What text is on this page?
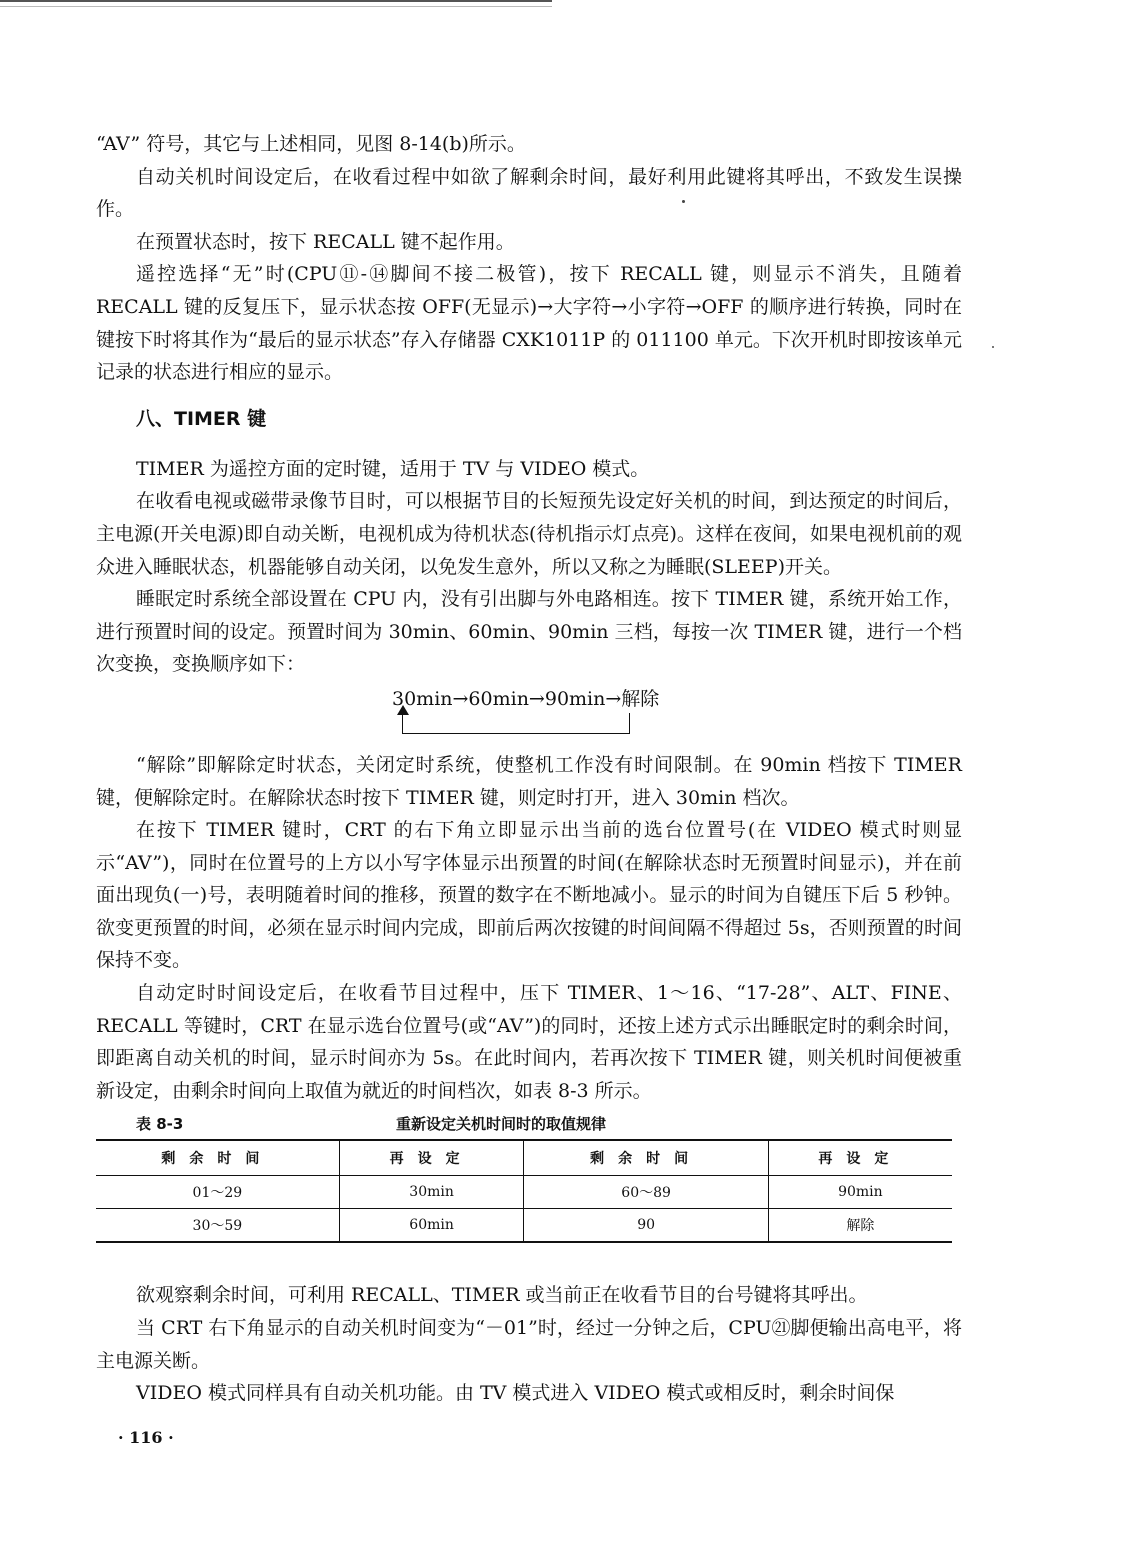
“AV” 符号，其它与上述相同，见图 8-14(b)所示。

自动关机时间设定后，在收看过程中如欲了解剩余时间，最好利用此键将其呼出，不致发生误操作。

在预置状态时，按下 RECALL 键不起作用。

遥控选择“无”时(CPU⑪-⑭脚间不接二极管)，按下 RECALL 键，则显示不消失，且随着 RECALL 键的反复压下，显示状态按 OFF(无显示)→大字符→小字符→OFF 的顺序进行转换，同时在键按下时将其作为“最后的显示状态”存入存储器 CXK1011P 的 011100 单元。下次开机时即按该单元记录的状态进行相应的显示。

八、TIMER 键

TIMER 为遥控方面的定时键，适用于 TV 与 VIDEO 模式。

在收看电视或磁带录像节目时，可以根据节目的长短预先设定好关机的时间，到达预定的时间后，主电源(开关电源)即自动关断，电视机成为待机状态(待机指示灯点亮)。这样在夜间，如果电视机前的观众进入睡眠状态，机器能够自动关闭，以免发生意外，所以又称之为睡眠(SLEEP)开关。

睡眠定时系统全部设置在 CPU 内，没有引出脚与外电路相连。按下 TIMER 键，系统开始工作，进行预置时间的设定。预置时间为 30min、60min、90min 三档，每按一次 TIMER 键，进行一个档次变换，变换顺序如下：

30min→60min→90min→解除

“解除”即解除定时状态，关闭定时系统，使整机工作没有时间限制。在 90min 档按下 TIMER 键，便解除定时。在解除状态时按下 TIMER 键，则定时打开，进入 30min 档次。

在按下 TIMER 键时，CRT 的右下角立即显示出当前的选台位置号(在 VIDEO 模式时则显示“AV”)，同时在位置号的上方以小写字体显示出预置的时间(在解除状态时无预置时间显示)，并在前面出现负(一)号，表明随着时间的推移，预置的数字在不断地减小。显示的时间为自键压下后 5 秒钟。欲变更预置的时间，必须在显示时间内完成，即前后两次按键的时间间隔不得超过 5s，否则预置的时间保持不变。

自动定时时间设定后，在收看节目过程中，压下 TIMER、1～16、“17-28”、ALT、FINE、RECALL 等键时，CRT 在显示选台位置号(或“AV”)的同时，还按上述方式示出睡眠定时的剩余时间，即距离自动关机的时间，显示时间亦为 5s。在此时间内，若再次按下 TIMER 键，则关机时间便被重新设定，由剩余时间向上取值为就近的时间档次，如表 8-3 所示。

表 8-3	重新设定关机时间时的取值规律
剩余时间	再设定	剩余时间	再设定
01～29	30min	60～89	90min
30～59	60min	90	解除

欲观察剩余时间，可利用 RECALL、TIMER 或当前正在收看节目的台号键将其呼出。

当 CRT 右下角显示的自动关机时间变为“－01”时，经过一分钟之后，CPU㉑脚便输出高电平，将主电源关断。

VIDEO 模式同样具有自动关机功能。由 TV 模式进入 VIDEO 模式或相反时，剩余时间保

· 116 ·
